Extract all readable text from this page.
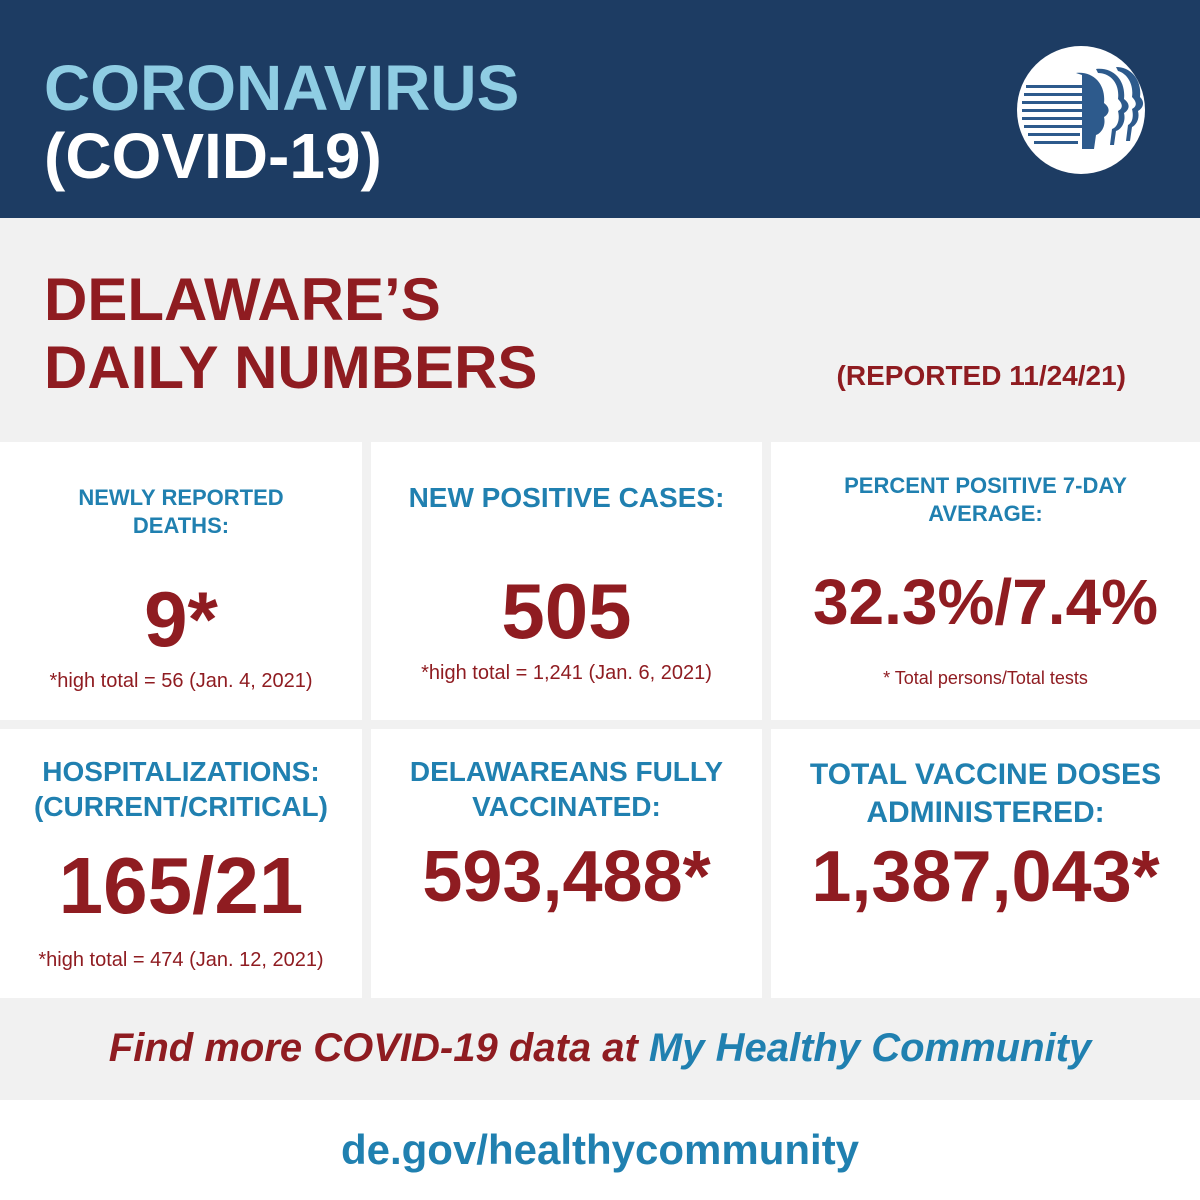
CORONAVIRUS
(COVID-19)
DELAWARE’S
DAILY NUMBERS	(REPORTED 11/24/21)
NEWLY REPORTED DEATHS:
9*
*high total = 56 (Jan. 4, 2021)
NEW POSITIVE CASES:
505
*high total = 1,241 (Jan. 6, 2021)
PERCENT POSITIVE 7-DAY AVERAGE:
32.3%/7.4%
* Total persons/Total tests
HOSPITALIZATIONS:
(CURRENT/CRITICAL)
165/21
*high total = 474 (Jan. 12, 2021)
DELAWAREANS FULLY
VACCINATED:
593,488*
TOTAL VACCINE DOSES
ADMINISTERED:
1,387,043*
Find more COVID-19 data at My Healthy Community
de.gov/healthycommunity
